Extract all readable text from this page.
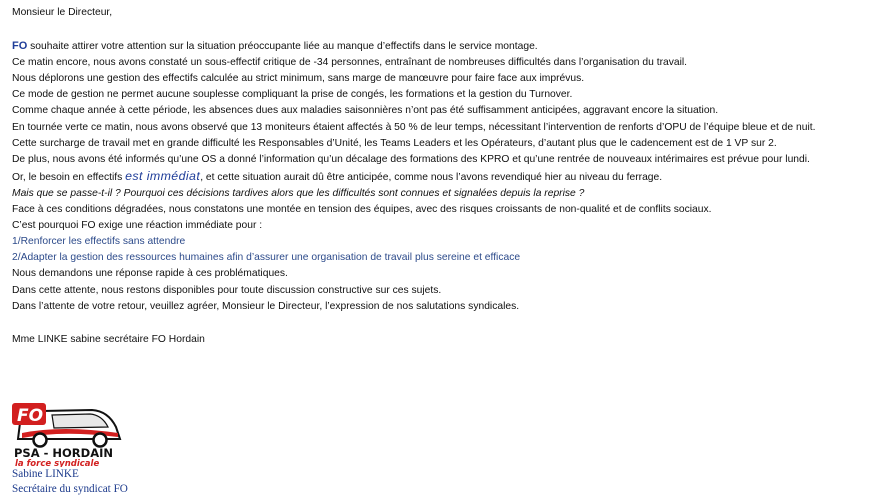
Monsieur le Directeur,
FO souhaite attirer votre attention sur la situation préoccupante liée au manque d’effectifs dans le service montage.
Ce matin encore, nous avons constaté un sous-effectif critique de -34 personnes, entraînant de nombreuses difficultés dans l’organisation du travail.
Nous déplorons une gestion des effectifs calculée au strict minimum, sans marge de manœuvre pour faire face aux imprévus.
Ce mode de gestion ne permet aucune souplesse compliquant la prise de congés, les formations et la gestion du Turnover.
Comme chaque année à cette période, les absences dues aux maladies saisonnières n’ont pas été suffisamment anticipées, aggravant encore la situation.
En tournée verte ce matin, nous avons observé que 13 moniteurs étaient affectés à 50 % de leur temps, nécessitant l’intervention de renforts d’OPU de l’équipe bleue et de nuit.
Cette surcharge de travail met en grande difficulté les Responsables d’Unité, les Teams Leaders et les Opérateurs, d’autant plus que le cadencement est de 1 VP sur 2.
De plus, nous avons été informés qu’une OS a donné l’information qu’un décalage des formations des KPRO et qu’une rentrée de nouveaux intérimaires est prévue pour lundi.
Or, le besoin en effectifs est immédiat, et cette situation aurait dû être anticipée, comme nous l’avons revendiqué hier au niveau du ferrage.
Mais que se passe-t-il ? Pourquoi ces décisions tardives alors que les difficultés sont connues et signalées depuis la reprise ?
Face à ces conditions dégradées, nous constatons une montée en tension des équipes, avec des risques croissants de non-qualité et de conflits sociaux.
C’est pourquoi FO exige une réaction immédiate pour :
1/Renforcer les effectifs sans attendre
2/Adapter la gestion des ressources humaines afin d’assurer une organisation de travail plus sereine et efficace
Nous demandons une réponse rapide à ces problématiques.
Dans cette attente, nous restons disponibles pour toute discussion constructive sur ces sujets.
Dans l’attente de votre retour, veuillez agréer, Monsieur le Directeur, l’expression de nos salutations syndicales.
Mme LINKE sabine secrétaire FO Hordain
FO
PSA - HORDAIN
la force syndicale
Sabine LINKE
Secrétaire du syndicat FO
